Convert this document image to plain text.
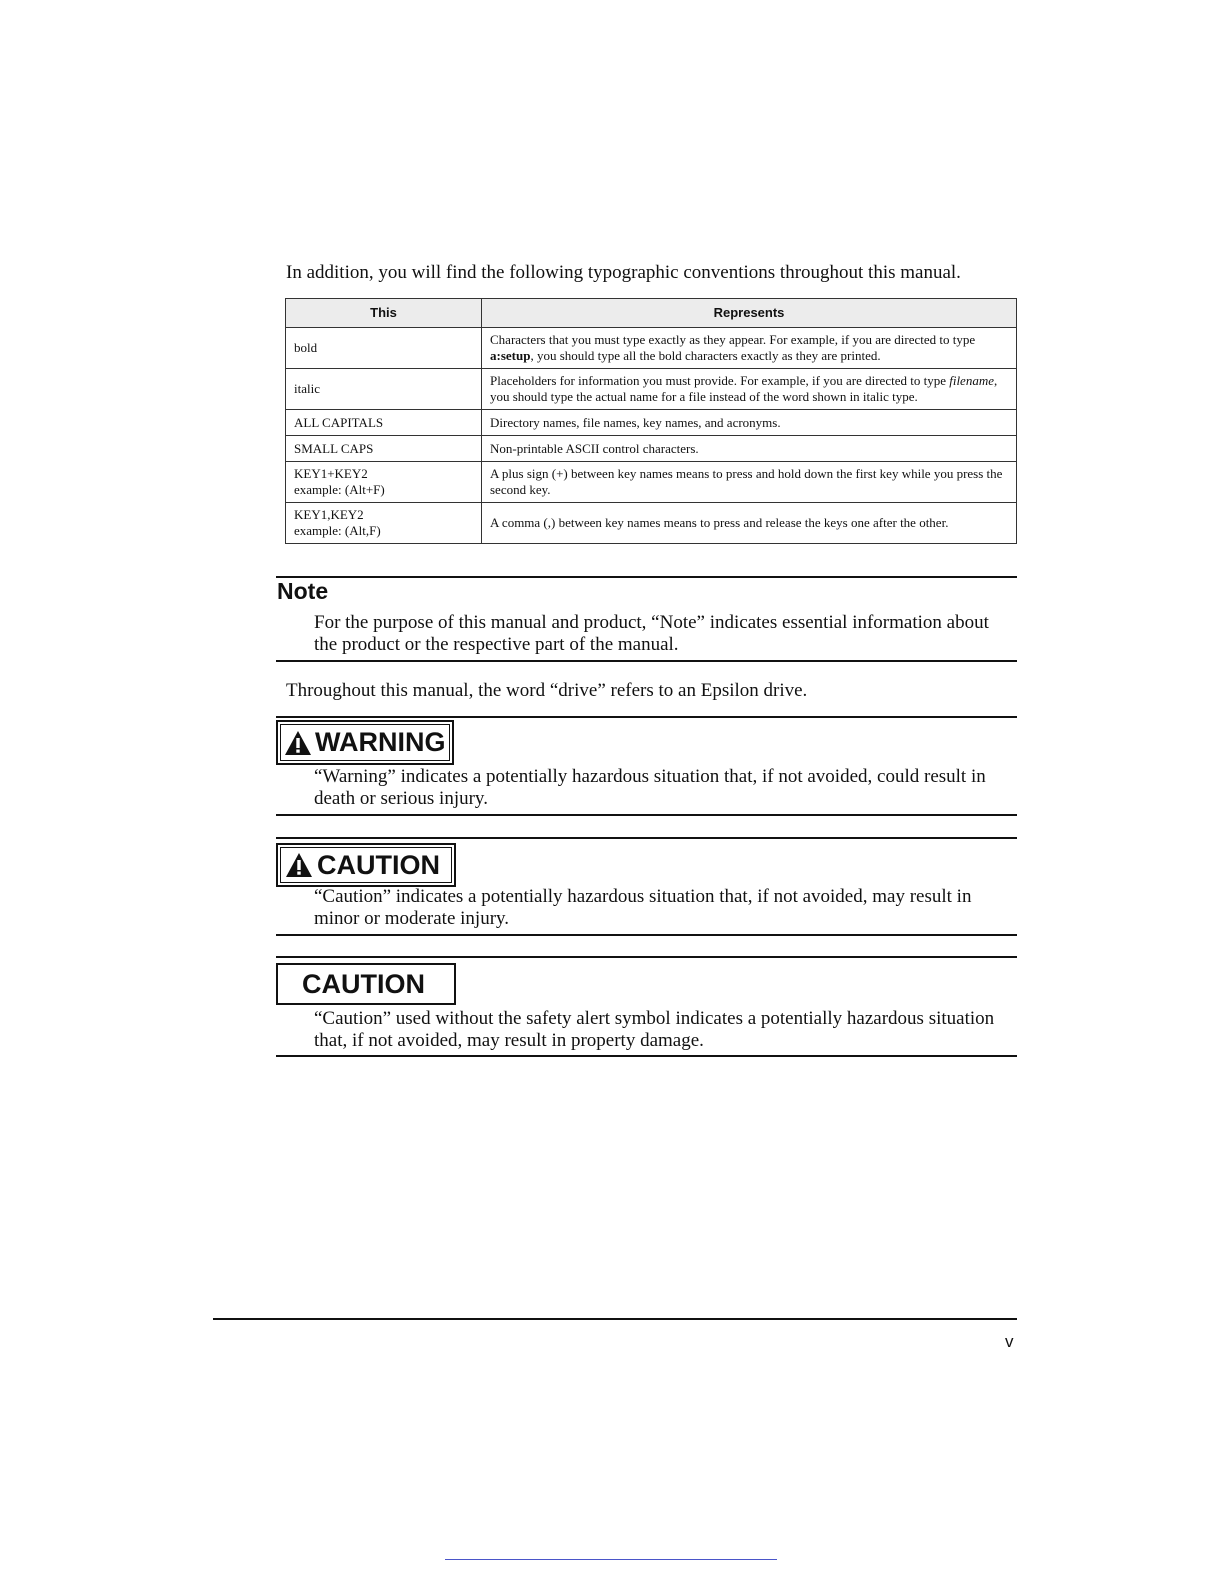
In addition, you will find the following typographic conventions throughout this manual.

This	Represents
bold	Characters that you must type exactly as they appear. For example, if you are directed to type a:setup, you should type all the bold characters exactly as they are printed.
italic	Placeholders for information you must provide. For example, if you are directed to type filename, you should type the actual name for a file instead of the word shown in italic type.
ALL CAPITALS	Directory names, file names, key names, and acronyms.
SMALL CAPS	Non-printable ASCII control characters.
KEY1+KEY2
example: (Alt+F)	A plus sign (+) between key names means to press and hold down the first key while you press the second key.
KEY1,KEY2
example: (Alt,F)	A comma (,) between key names means to press and release the keys one after the other.

Note

For the purpose of this manual and product, “Note” indicates essential information about the product or the respective part of the manual.

Throughout this manual, the word “drive” refers to an Epsilon drive.

WARNING

“Warning” indicates a potentially hazardous situation that, if not avoided, could result in death or serious injury.

CAUTION

“Caution” indicates a potentially hazardous situation that, if not avoided, may result in minor or moderate injury.

CAUTION

“Caution” used without the safety alert symbol indicates a potentially hazardous situation that, if not avoided, may result in property damage.

v
